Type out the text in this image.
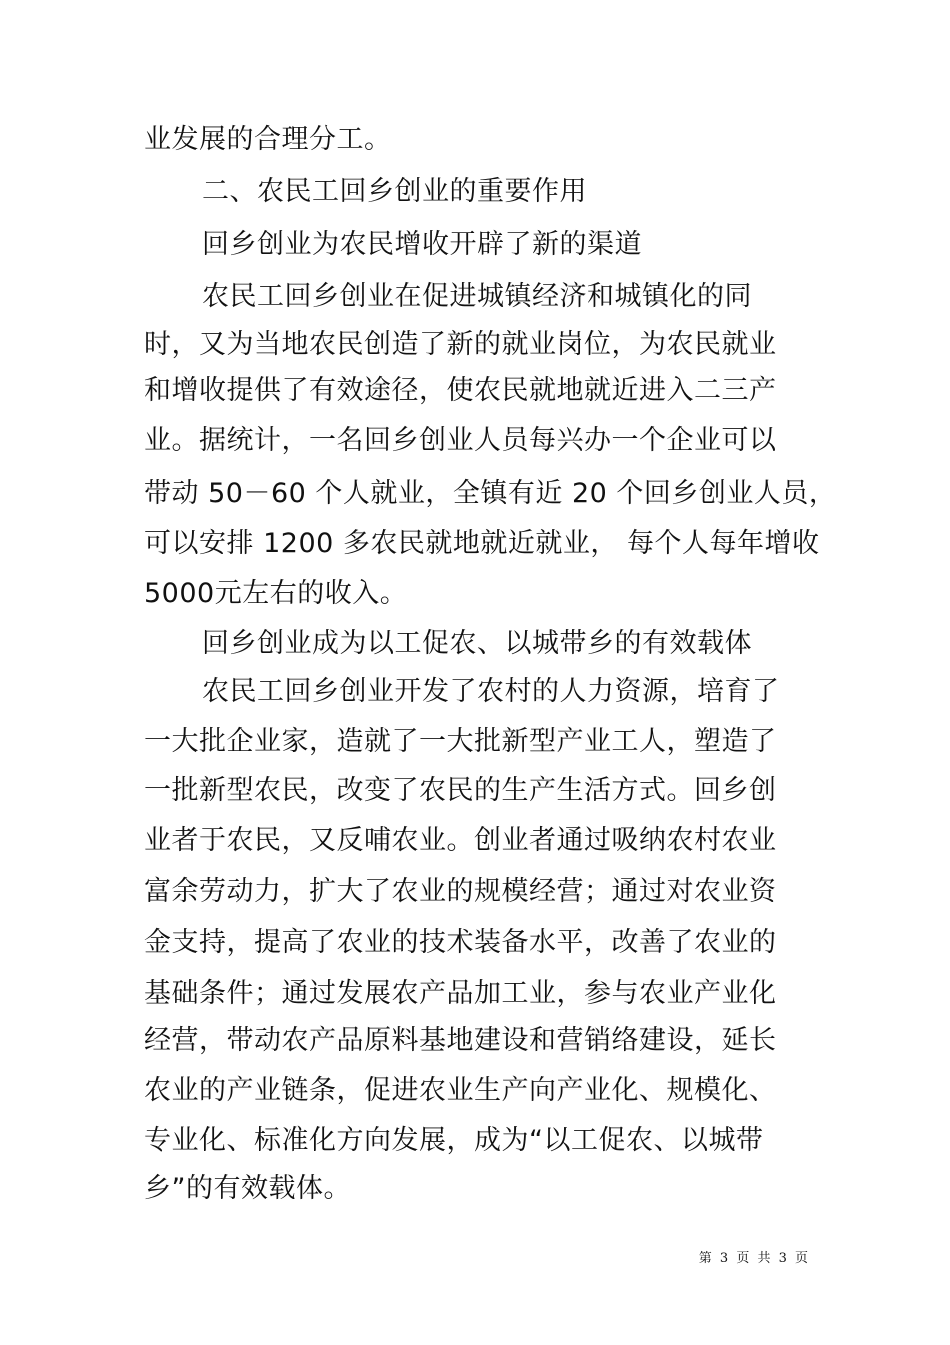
业发展的合理分工。
二、农民工回乡创业的重要作用
回乡创业为农民增收开辟了新的渠道
农民工回乡创业在促进城镇经济和城镇化的同
时，又为当地农民创造了新的就业岗位，为农民就业
和增收提供了有效途径，使农民就地就近进入二三产
业。据统计，一名回乡创业人员每兴办一个企业可以
带动 50－60 个人就业，全镇有近 20 个回乡创业人员，
可以安排 1200 多农民就地就近就业， 每个人每年增收
5000元左右的收入。
回乡创业成为以工促农、以城带乡的有效载体
农民工回乡创业开发了农村的人力资源，培育了
一大批企业家，造就了一大批新型产业工人，塑造了
一批新型农民，改变了农民的生产生活方式。回乡创
业者于农民，又反哺农业。创业者通过吸纳农村农业
富余劳动力，扩大了农业的规模经营；通过对农业资
金支持，提高了农业的技术装备水平，改善了农业的
基础条件；通过发展农产品加工业，参与农业产业化
经营，带动农产品原料基地建设和营销络建设，延长
农业的产业链条，促进农业生产向产业化、规模化、
专业化、标准化方向发展，成为“以工促农、以城带
乡”的有效载体。
第 3 页 共 3 页
